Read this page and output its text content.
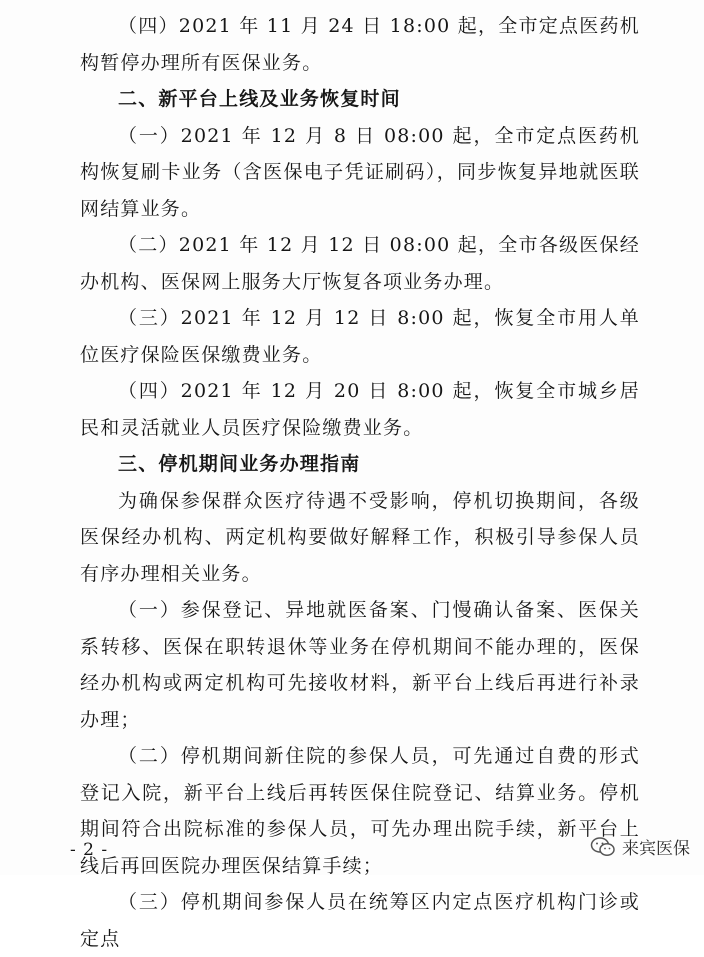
（四）2021 年 11 月 24 日 18:00 起，全市定点医药机构暂停办理所有医保业务。

二、新平台上线及业务恢复时间

（一）2021 年 12 月 8 日 08:00 起，全市定点医药机构恢复刷卡业务（含医保电子凭证刷码），同步恢复异地就医联网结算业务。

（二）2021 年 12 月 12 日 08:00 起，全市各级医保经办机构、医保网上服务大厅恢复各项业务办理。

（三）2021 年 12 月 12 日 8:00 起，恢复全市用人单位医疗保险医保缴费业务。

（四）2021 年 12 月 20 日 8:00 起，恢复全市城乡居民和灵活就业人员医疗保险缴费业务。

三、停机期间业务办理指南

为确保参保群众医疗待遇不受影响，停机切换期间，各级医保经办机构、两定机构要做好解释工作，积极引导参保人员有序办理相关业务。

（一）参保登记、异地就医备案、门慢确认备案、医保关系转移、医保在职转退休等业务在停机期间不能办理的，医保经办机构或两定机构可先接收材料，新平台上线后再进行补录办理；

（二）停机期间新住院的参保人员，可先通过自费的形式登记入院，新平台上线后再转医保住院登记、结算业务。停机期间符合出院标准的参保人员，可先办理出院手续，新平台上线后再回医院办理医保结算手续；

（三）停机期间参保人员在统筹区内定点医疗机构门诊或定点

- 2 -	来宾医保
